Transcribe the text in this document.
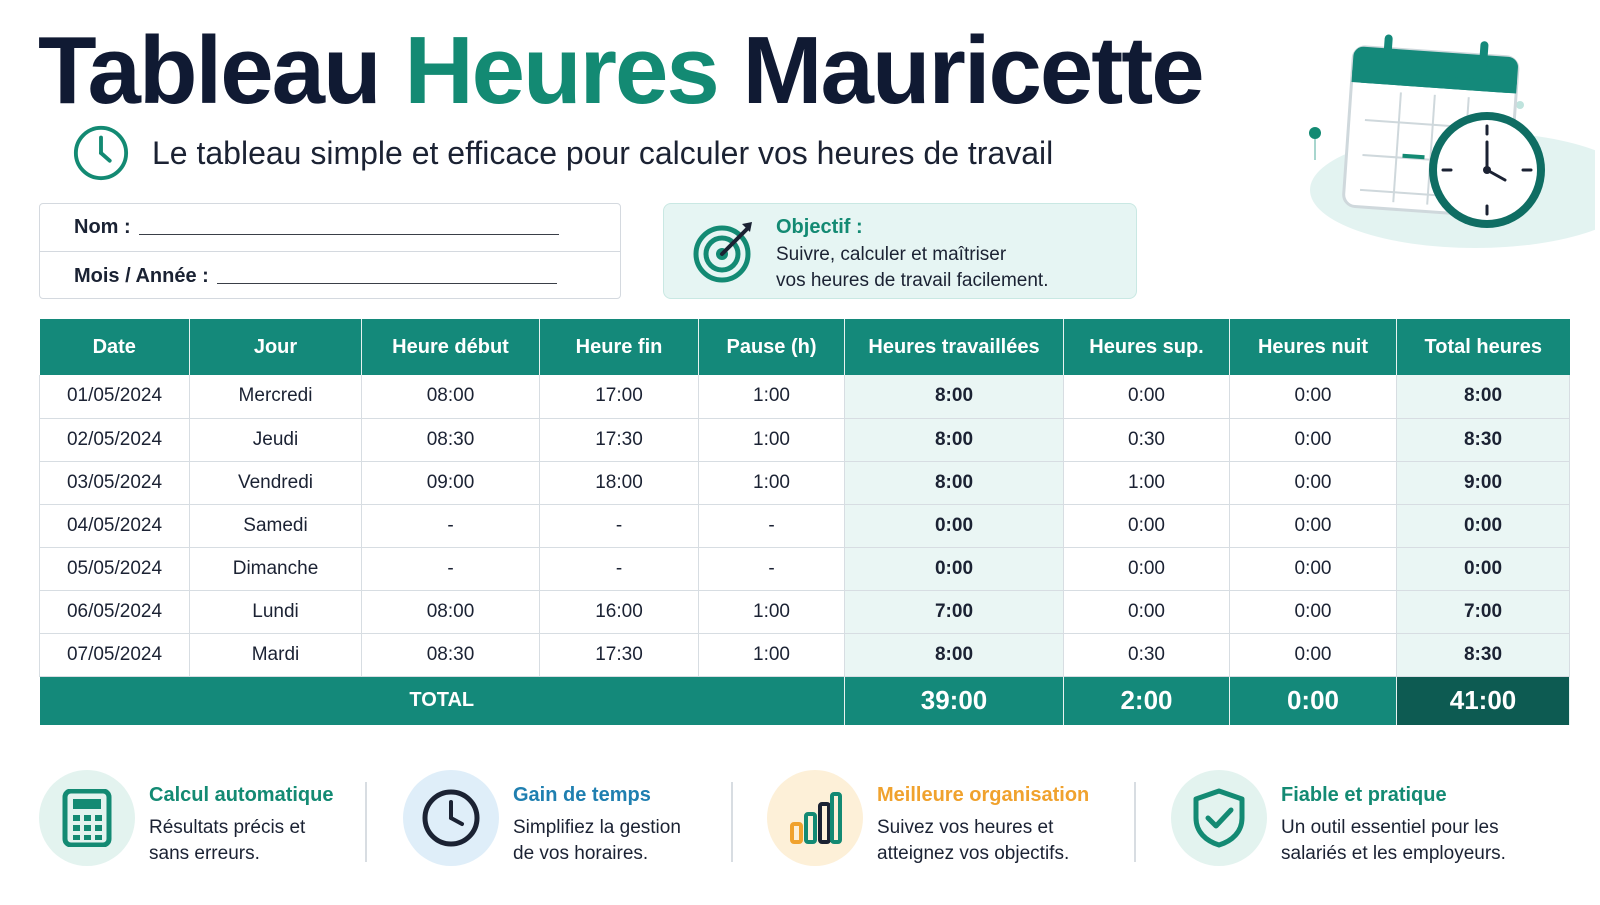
Tableau Heures Mauricette
Le tableau simple et efficace pour calculer vos heures de travail
Nom :
Mois / Année :
Objectif :
Suivre, calculer et maîtriser
vos heures de travail facilement.
Date	Jour	Heure début	Heure fin	Pause (h)	Heures travaillées	Heures sup.	Heures nuit	Total heures
01/05/2024	Mercredi	08:00	17:00	1:00	8:00	0:00	0:00	8:00
02/05/2024	Jeudi	08:30	17:30	1:00	8:00	0:30	0:00	8:30
03/05/2024	Vendredi	09:00	18:00	1:00	8:00	1:00	0:00	9:00
04/05/2024	Samedi	-	-	-	0:00	0:00	0:00	0:00
05/05/2024	Dimanche	-	-	-	0:00	0:00	0:00	0:00
06/05/2024	Lundi	08:00	16:00	1:00	7:00	0:00	0:00	7:00
07/05/2024	Mardi	08:30	17:30	1:00	8:00	0:30	0:00	8:30
TOTAL					39:00	2:00	0:00	41:00
Calcul automatique
Résultats précis et
sans erreurs.
Gain de temps
Simplifiez la gestion
de vos horaires.
Meilleure organisation
Suivez vos heures et
atteignez vos objectifs.
Fiable et pratique
Un outil essentiel pour les
salariés et les employeurs.
